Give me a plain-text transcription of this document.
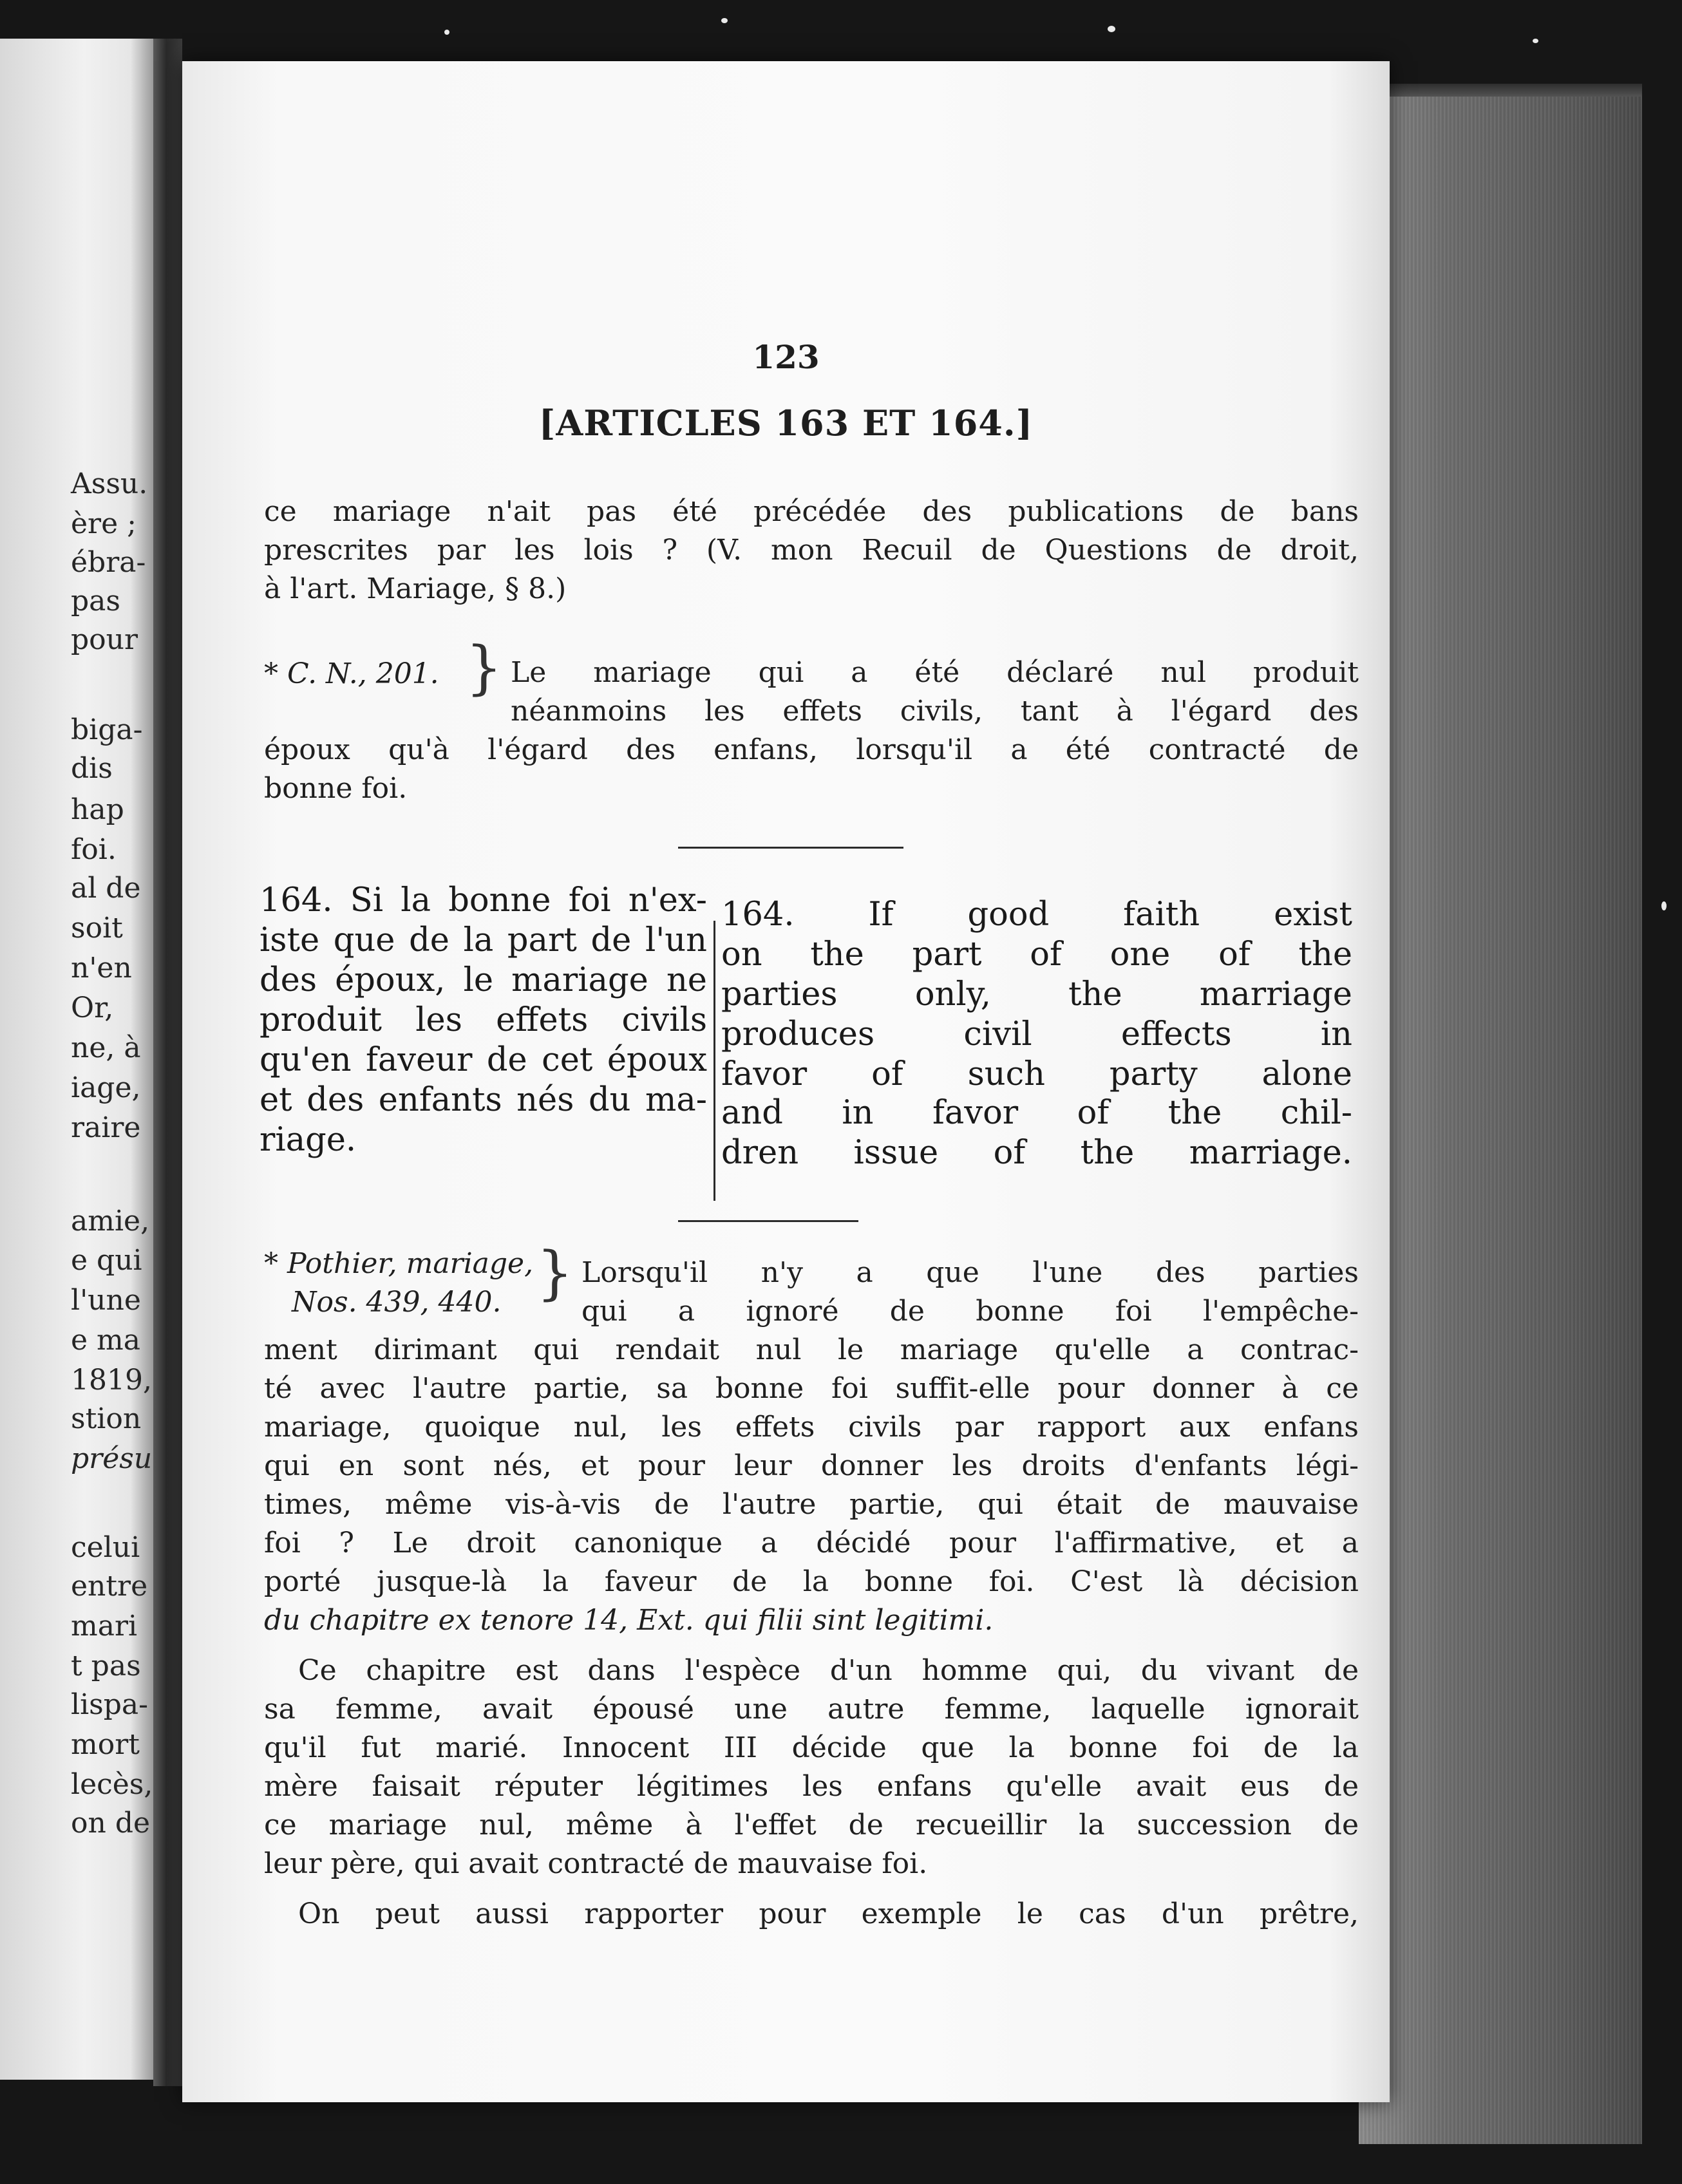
Assu.
ère ;
ébra-
pas
pour
biga-
dis
hap
foi.
al de
soit
n'en
Or,
ne, à
iage,
raire
amie,
e qui
l'une
e ma
1819,
stion
présu
celui
entre
mari
t pas
lispa-
mort
lecès,
on de
123
[ARTICLES 163 ET 164.]
ce mariage n'ait pas été précédée des publications de bans
prescrites par les lois ? (V. mon Recuil de Questions de droit,
à l'art. Mariage, § 8.)
* C. N., 201. } Le mariage qui a été déclaré nul produit
néanmoins les effets civils, tant à l'égard des
époux qu'à l'égard des enfans, lorsqu'il a été contracté de
bonne foi.
164. Si la bonne foi n'ex-
iste que de la part de l'un
des époux, le mariage ne
produit les effets civils
qu'en faveur de cet époux
et des enfants nés du ma-
riage.
164. If good faith exist
on the part of one of the
parties only, the marriage
produces civil effects in
favor of such party alone
and in favor of the chil-
dren issue of the marriage.
* Pothier, mariage,
Nos. 439, 440. } Lorsqu'il n'y a que l'une des parties
qui a ignoré de bonne foi l'empêche-
ment dirimant qui rendait nul le mariage qu'elle a contrac-
té avec l'autre partie, sa bonne foi suffit-elle pour donner à ce
mariage, quoique nul, les effets civils par rapport aux enfans
qui en sont nés, et pour leur donner les droits d'enfants légi-
times, même vis-à-vis de l'autre partie, qui était de mauvaise
foi ? Le droit canonique a décidé pour l'affirmative, et a
porté jusque-là la faveur de la bonne foi. C'est là décision
du chapitre ex tenore 14, Ext. qui filii sint legitimi.
Ce chapitre est dans l'espèce d'un homme qui, du vivant de
sa femme, avait épousé une autre femme, laquelle ignorait
qu'il fut marié. Innocent III décide que la bonne foi de la
mère faisait réputer légitimes les enfans qu'elle avait eus de
ce mariage nul, même à l'effet de recueillir la succession de
leur père, qui avait contracté de mauvaise foi.
On peut aussi rapporter pour exemple le cas d'un prêtre,
